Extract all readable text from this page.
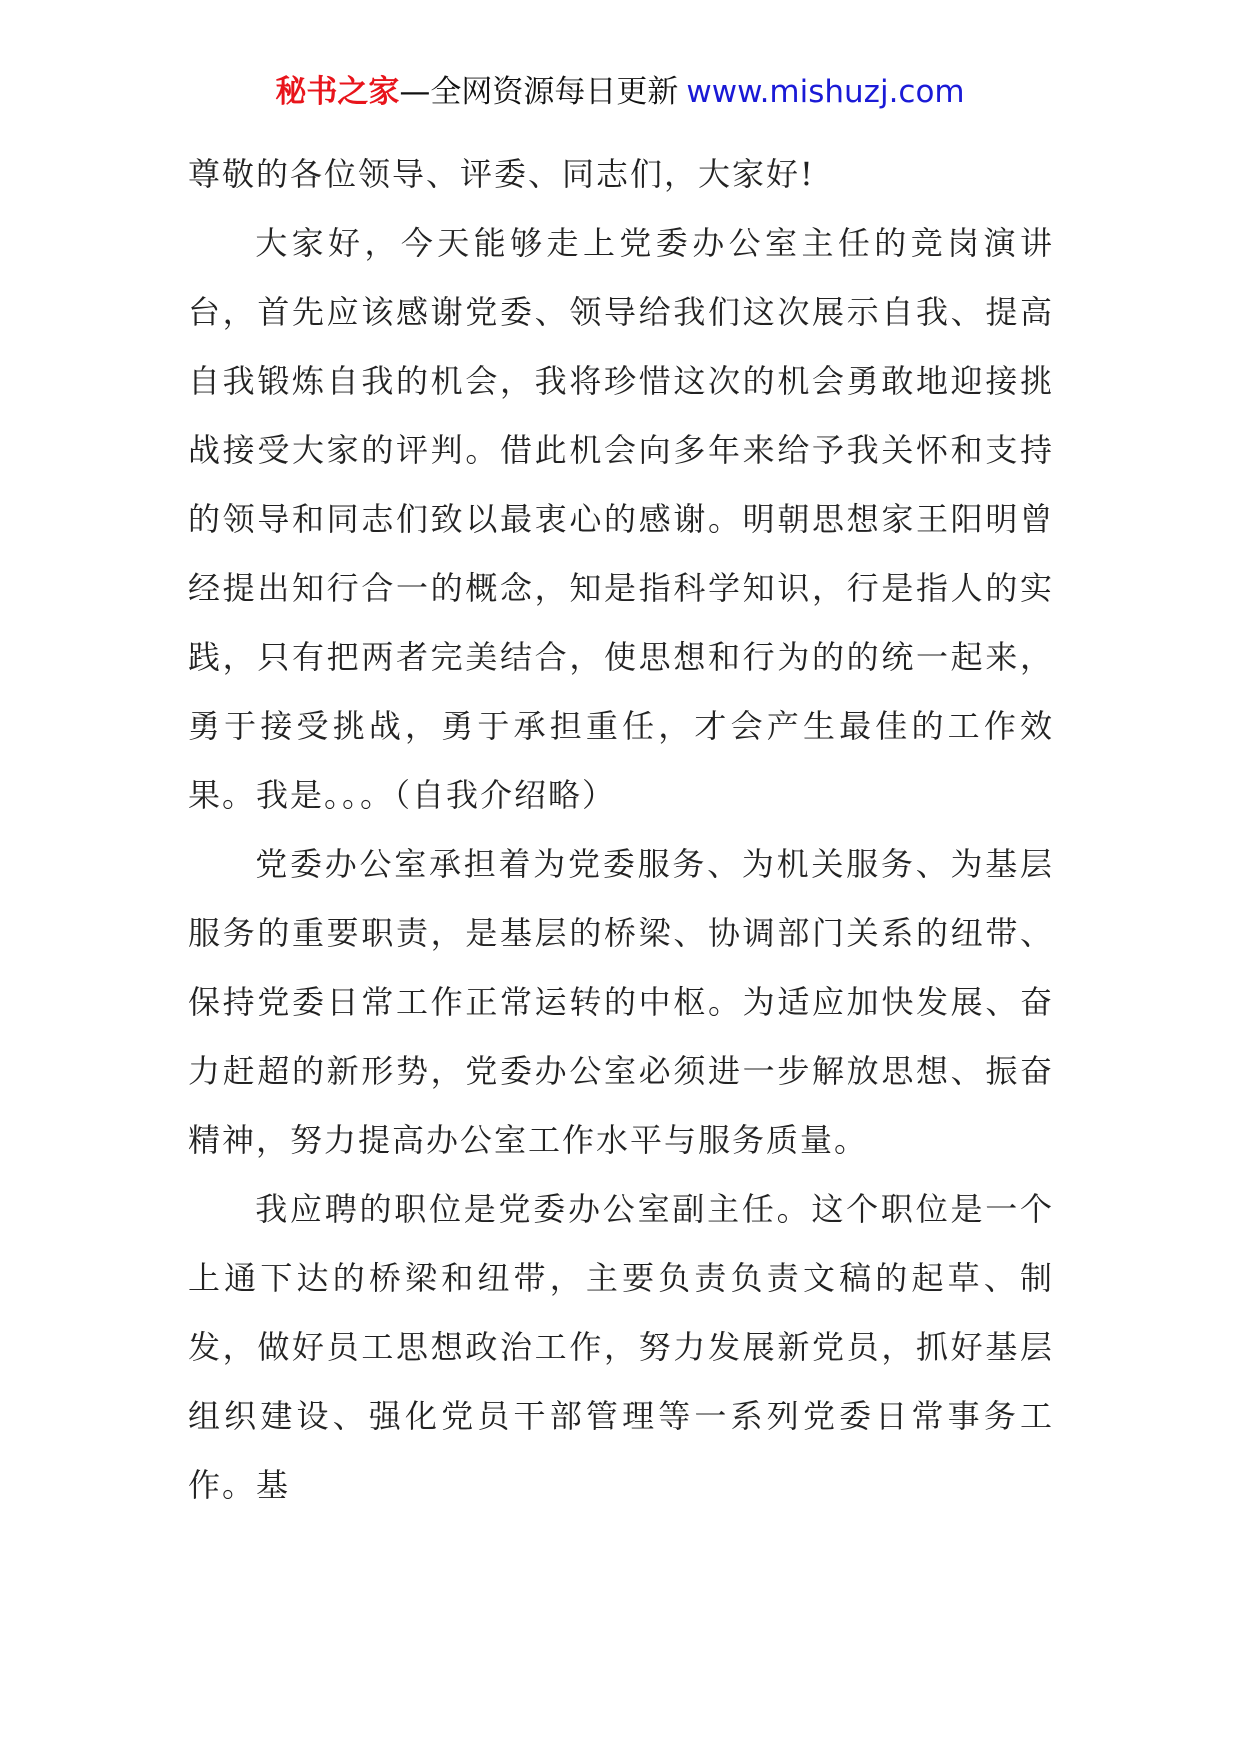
秘书之家—全网资源每日更新 www.mishuzj.com

尊敬的各位领导、评委、同志们，大家好!

大家好，今天能够走上党委办公室主任的竞岗演讲台，首先应该感谢党委、领导给我们这次展示自我、提高自我锻炼自我的机会，我将珍惜这次的机会勇敢地迎接挑战接受大家的评判。借此机会向多年来给予我关怀和支持的领导和同志们致以最衷心的感谢。明朝思想家王阳明曾经提出知行合一的概念，知是指科学知识，行是指人的实践，只有把两者完美结合，使思想和行为的的统一起来，勇于接受挑战，勇于承担重任，才会产生最佳的工作效果。我是。。。（自我介绍略）

党委办公室承担着为党委服务、为机关服务、为基层服务的重要职责，是基层的桥梁、协调部门关系的纽带、保持党委日常工作正常运转的中枢。为适应加快发展、奋力赶超的新形势，党委办公室必须进一步解放思想、振奋精神，努力提高办公室工作水平与服务质量。

我应聘的职位是党委办公室副主任。这个职位是一个上通下达的桥梁和纽带，主要负责负责文稿的起草、制发，做好员工思想政治工作，努力发展新党员，抓好基层组织建设、强化党员干部管理等一系列党委日常事务工作。基
